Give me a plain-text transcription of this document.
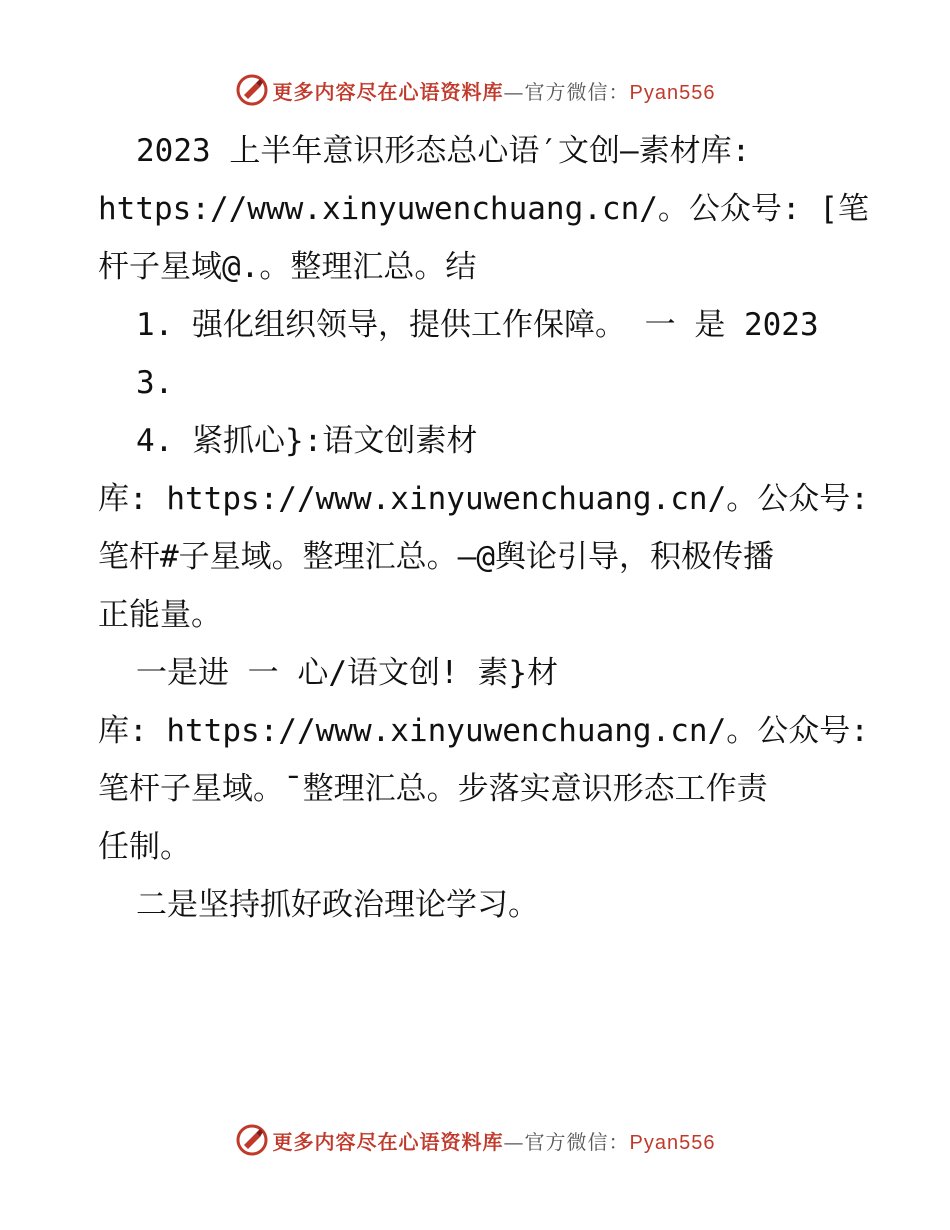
更多内容尽在心语资料库—官方微信：Pyan556
2023 上半年意识形态总心语′文创—素材库:
https://www.xinyuwenchuang.cn/。公众号: [笔
杆子星域@.。整理汇总。结
1. 强化组织领导，提供工作保障。 一 是 2023
3.
4. 紧抓心}:语文创素材
库: https://www.xinyuwenchuang.cn/。公众号:
笔杆#子星域。整理汇总。—@舆论引导，积极传播
正能量。
一是进 一 心/语文创! 素}材
库: https://www.xinyuwenchuang.cn/。公众号:
笔杆子星域。¯整理汇总。步落实意识形态工作责
任制。
二是坚持抓好政治理论学习。
更多内容尽在心语资料库—官方微信：Pyan556
